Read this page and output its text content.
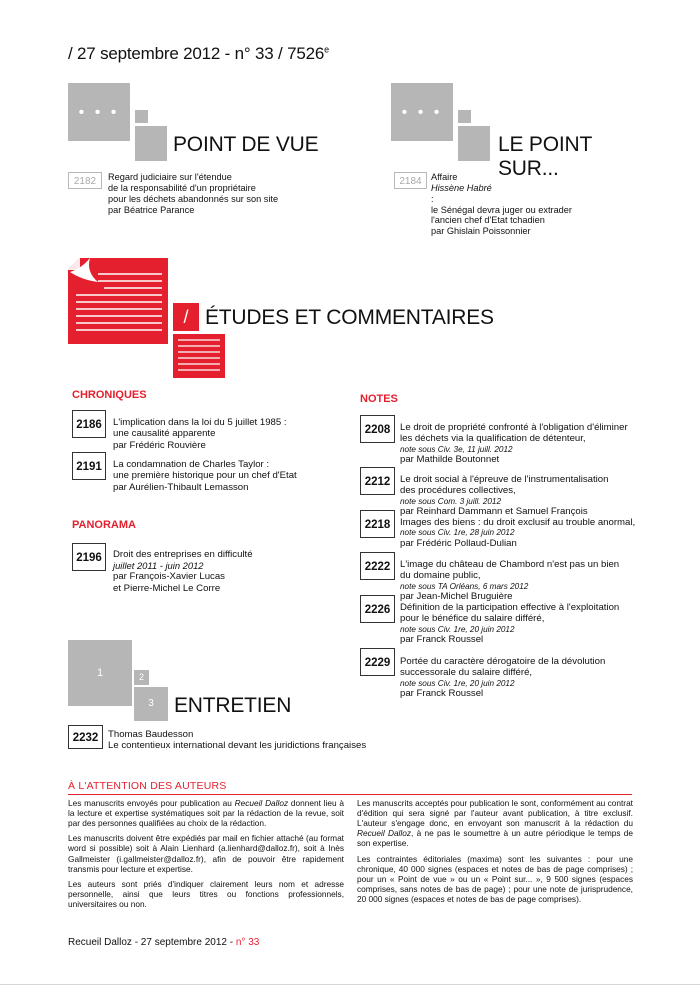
/ 27 septembre 2012 - n° 33 / 7526e
• • •
POINT DE VUE
2182	Regard judiciaire sur l'étendue
de la responsabilité d'un propriétaire
pour les déchets abandonnés sur son site
par Béatrice Parance
• • •
LE POINT SUR...
2184	Affaire
Hissène Habré
:
le Sénégal devra juger ou extrader
l'ancien chef d'Etat tchadien
par Ghislain Poissonnier
/ ÉTUDES ET COMMENTAIRES
CHRONIQUES
2186	L'implication dans la loi du 5 juillet 1985 :
une causalité apparente
par Frédéric Rouvière
2191	La condamnation de Charles Taylor :
une première historique pour un chef d'Etat
par Aurélien-Thibault Lemasson
PANORAMA
2196	Droit des entreprises en difficulté
juillet 2011 - juin 2012
par François-Xavier Lucas
et Pierre-Michel Le Corre
NOTES
2208	Le droit de propriété confronté à l'obligation d'éliminer
les déchets via la qualification de détenteur,
note sous Civ. 3e, 11 juill. 2012
par Mathilde Boutonnet
2212	Le droit social à l'épreuve de l'instrumentalisation
des procédures collectives,
note sous Com. 3 juill. 2012
par Reinhard Dammann et Samuel François
2218	Images des biens : du droit exclusif au trouble anormal,
note sous Civ. 1re, 28 juin 2012
par Frédéric Pollaud-Dulian
2222	L'image du château de Chambord n'est pas un bien
du domaine public,
note sous TA Orléans, 6 mars 2012
par Jean-Michel Bruguière
2226	Définition de la participation effective à l'exploitation
pour le bénéfice du salaire différé,
note sous Civ. 1re, 20 juin 2012
par Franck Roussel
2229	Portée du caractère dérogatoire de la dévolution
successorale du salaire différé,
note sous Civ. 1re, 20 juin 2012
par Franck Roussel
1	2
3 ENTRETIEN
2232	Thomas Baudesson
Le contentieux international devant les juridictions françaises
À L'ATTENTION DES AUTEURS

Les manuscrits envoyés pour publication au Recueil Dalloz donnent lieu à la lecture et expertise systématiques soit par la rédaction de la revue, soit par des personnes qualifiées au choix de la rédaction.

Les manuscrits doivent être expédiés par mail en fichier attaché (au format word si possible) soit à Alain Lienhard (a.lienhard@dalloz.fr), soit à Inès Gallmeister (i.gallmeister@dalloz.fr), afin de pouvoir être rapidement transmis pour lecture et expertise.

Les auteurs sont priés d'indiquer clairement leurs nom et adresse personnelle, ainsi que leurs titres ou fonctions professionnels, universitaires ou non.

Les manuscrits acceptés pour publication le sont, conformément au contrat d'édition qui sera signé par l'auteur avant publication, à titre exclusif. L'auteur s'engage donc, en envoyant son manuscrit à la rédaction du Recueil Dalloz, à ne pas le soumettre à un autre périodique le temps de son expertise.

Les contraintes éditoriales (maxima) sont les suivantes : pour une chronique, 40 000 signes (espaces et notes de bas de page comprises) ; pour un « Point de vue » ou un « Point sur... », 9 500 signes (espaces comprises, sans notes de bas de page) ; pour une note de jurisprudence, 20 000 signes (espaces et notes de bas de page comprises).

Recueil Dalloz - 27 septembre 2012 - n° 33
